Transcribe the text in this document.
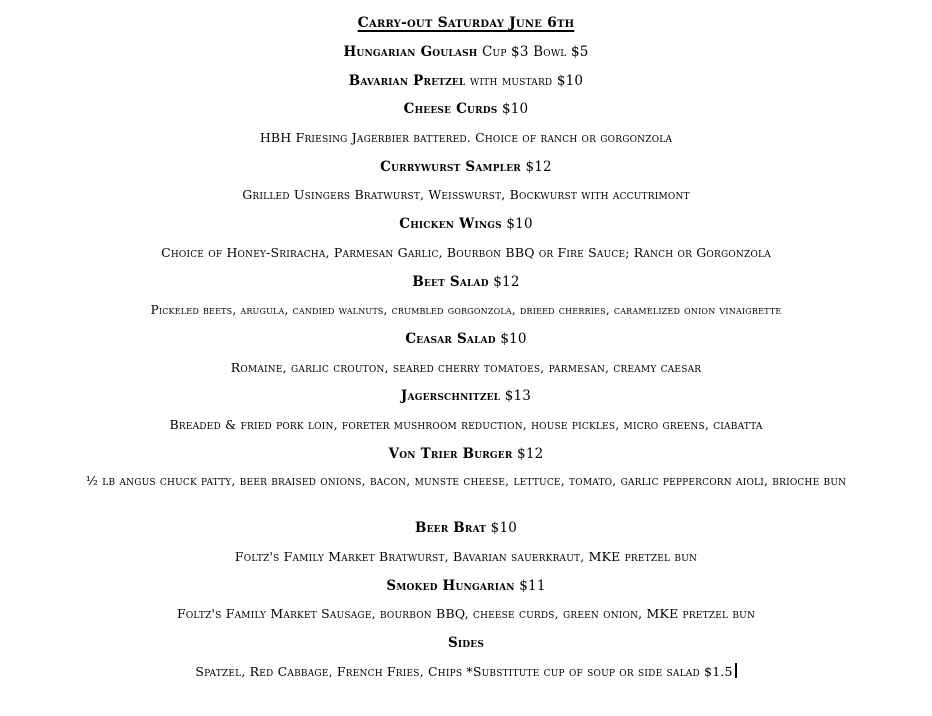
Carry-out Saturday June 6th
Hungarian Goulash Cup $3 Bowl $5
Bavarian Pretzel with mustard $10
Cheese Curds $10
HBH Friesing Jagerbier battered. Choice of ranch or gorgonzola
Currywurst Sampler $12
Grilled Usingers Bratwurst, Weisswurst, Bockwurst with accutrimont
Chicken Wings $10
Choice of Honey-Sriracha, Parmesan Garlic, Bourbon BBQ or Fire Sauce; Ranch or Gorgonzola
Beet Salad $12
Pickeled beets, arugula, candied walnuts, crumbled gorgonzola, drieed cherries, caramelized onion vinaigrette
Ceasar Salad $10
Romaine, garlic crouton, seared cherry tomatoes, parmesan, creamy caesar
Jagerschnitzel $13
Breaded & fried pork loin, foreter mushroom reduction, house pickles, micro greens, ciabatta
Von Trier Burger $12
½ lb angus chuck patty, beer braised onions, bacon, munste cheese, lettuce, tomato, garlic peppercorn aioli, brioche bun
Beer Brat $10
Foltz's Family Market Bratwurst, Bavarian sauerkraut, MKE pretzel bun
Smoked Hungarian $11
Foltz's Family Market Sausage, bourbon BBQ, cheese curds, green onion, MKE pretzel bun
Sides
Spatzel, Red Cabbage, French Fries, Chips *Substitute cup of soup or side salad $1.5
